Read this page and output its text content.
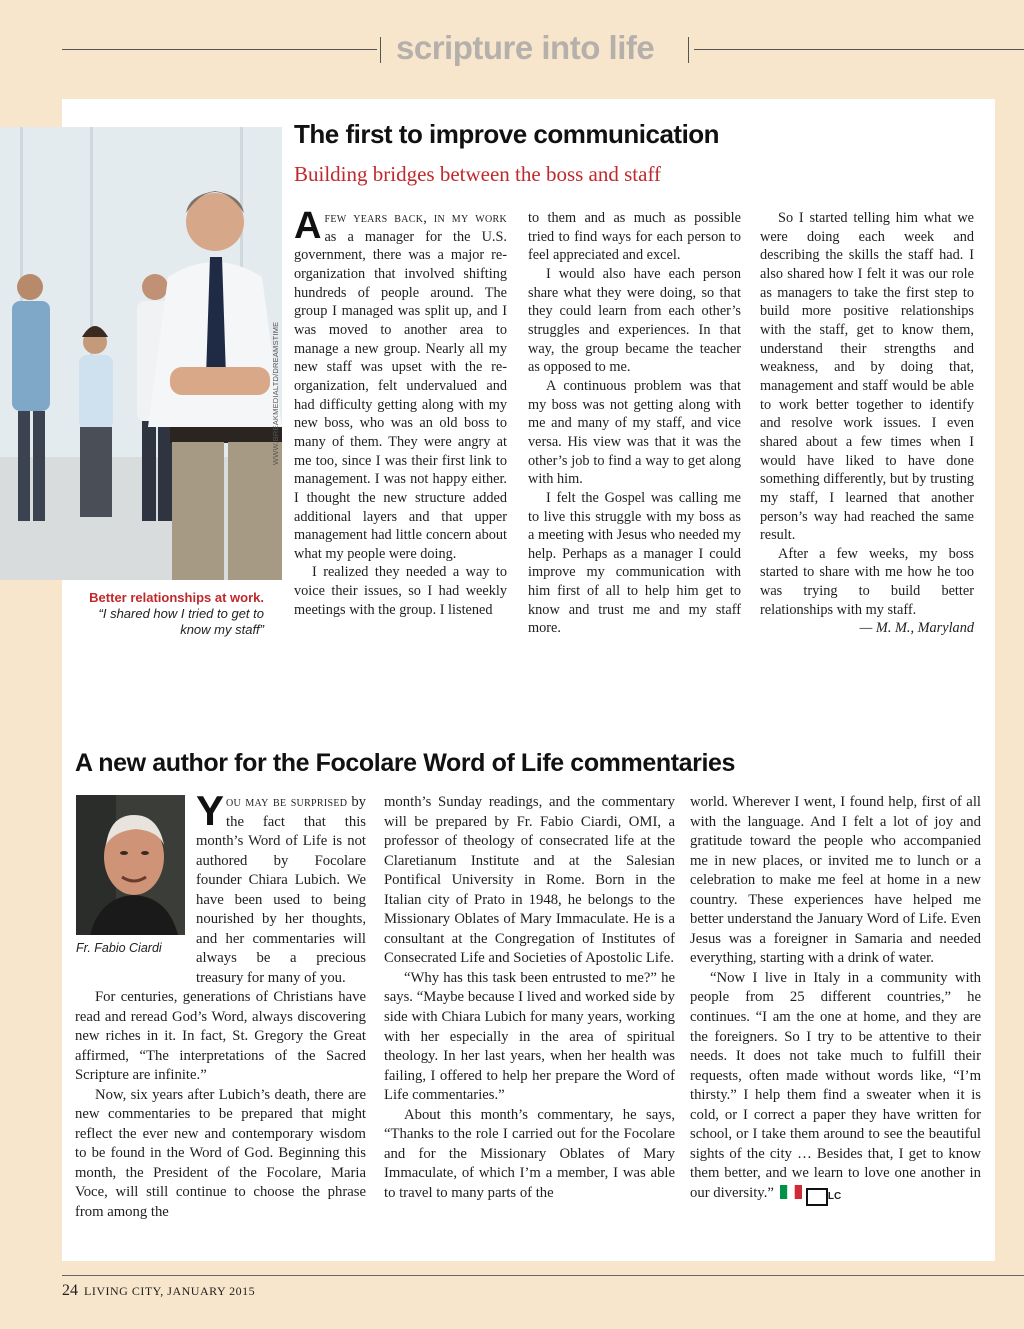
scripture into life
WWW.BREAKMEDIALTD/DREAMSTIME
Better relationships at work.
“I shared how I tried to get to know my staff”
The first to improve communication
Building bridges between the boss and staff

Afew years back, in my work as a manager for the U.S. government, there was a major re-organization that involved shifting hundreds of people around. The group I managed was split up, and I was moved to another area to manage a new group. Nearly all my new staff was upset with the re-organization, felt undervalued and had difficulty getting along with my new boss, who was an old boss to many of them. They were angry at me too, since I was their first link to management. I was not happy either. I thought the new structure added additional layers and that upper management had little concern about what my people were doing.

I realized they needed a way to voice their issues, so I had weekly meetings with the group. I listened

to them and as much as possible tried to find ways for each person to feel appreciated and excel.

I would also have each person share what they were doing, so that they could learn from each other’s struggles and experiences. In that way, the group became the teacher as opposed to me.

A continuous problem was that my boss was not getting along with me and many of my staff, and vice versa. His view was that it was the other’s job to find a way to get along with him.

I felt the Gospel was calling me to live this struggle with my boss as a meeting with Jesus who needed my help. Perhaps as a manager I could improve my communication with him first of all to help him get to know and trust me and my staff more.

So I started telling him what we were doing each week and describing the skills the staff had. I also shared how I felt it was our role as managers to take the first step to build more positive relationships with the staff, get to know them, understand their strengths and weakness, and by doing that, management and staff would be able to work better together to identify and resolve work issues. I even shared about a few times when I would have liked to have done something differently, but by trusting my staff, I learned that another person’s way had reached the same result.

After a few weeks, my boss started to share with me how he too was trying to build better relationships with my staff.

— M. M., Maryland

A new author for the Focolare Word of Life commentaries
Fr. Fabio Ciardi

You may be surprised by the fact that this month’s Word of Life is not authored by Focolare founder Chiara Lubich. We have been used to being nourished by her thoughts, and her commentaries will always be a precious treasury for many of you.

For centuries, generations of Christians have read and reread God’s Word, always discovering new riches in it. In fact, St. Gregory the Great affirmed, “The interpretations of the Sacred Scripture are infinite.”

Now, six years after Lubich’s death, there are new commentaries to be prepared that might reflect the ever new and contemporary wisdom to be found in the Word of God. Beginning this month, the President of the Focolare, Maria Voce, will still continue to choose the phrase from among the

month’s Sunday readings, and the commentary will be prepared by Fr. Fabio Ciardi, OMI, a professor of theology of consecrated life at the Claretianum Institute and at the Salesian Pontifical University in Rome. Born in the Italian city of Prato in 1948, he belongs to the Missionary Oblates of Mary Immaculate. He is a consultant at the Congregation of Institutes of Consecrated Life and Societies of Apostolic Life.

“Why has this task been entrusted to me?” he says. “Maybe because I lived and worked side by side with Chiara Lubich for many years, working with her especially in the area of spiritual theology. In her last years, when her health was failing, I offered to help her prepare the Word of Life commentaries.”

About this month’s commentary, he says, “Thanks to the role I carried out for the Focolare and for the Missionary Oblates of Mary Immaculate, of which I’m a member, I was able to travel to many parts of the

world. Wherever I went, I found help, first of all with the language. And I felt a lot of joy and gratitude toward the people who accompanied me in new places, or invited me to lunch or a celebration to make me feel at home in a new country. These experiences have helped me better understand the January Word of Life. Even Jesus was a foreigner in Samaria and needed everything, starting with a drink of water.

“Now I live in Italy in a community with people from 25 different countries,” he continues. “I am the one at home, and they are the foreigners. So I try to be attentive to their needs. It does not take much to fulfill their requests, often made without words like, “I’m thirsty.” I help them find a sweater when it is cold, or I correct a paper they have written for school, or I take them around to see the beautiful sights of the city … Besides that, I get to know them better, and we learn to love one another in our diversity.”	LC

24 LIVING CITY, JANUARY 2015
